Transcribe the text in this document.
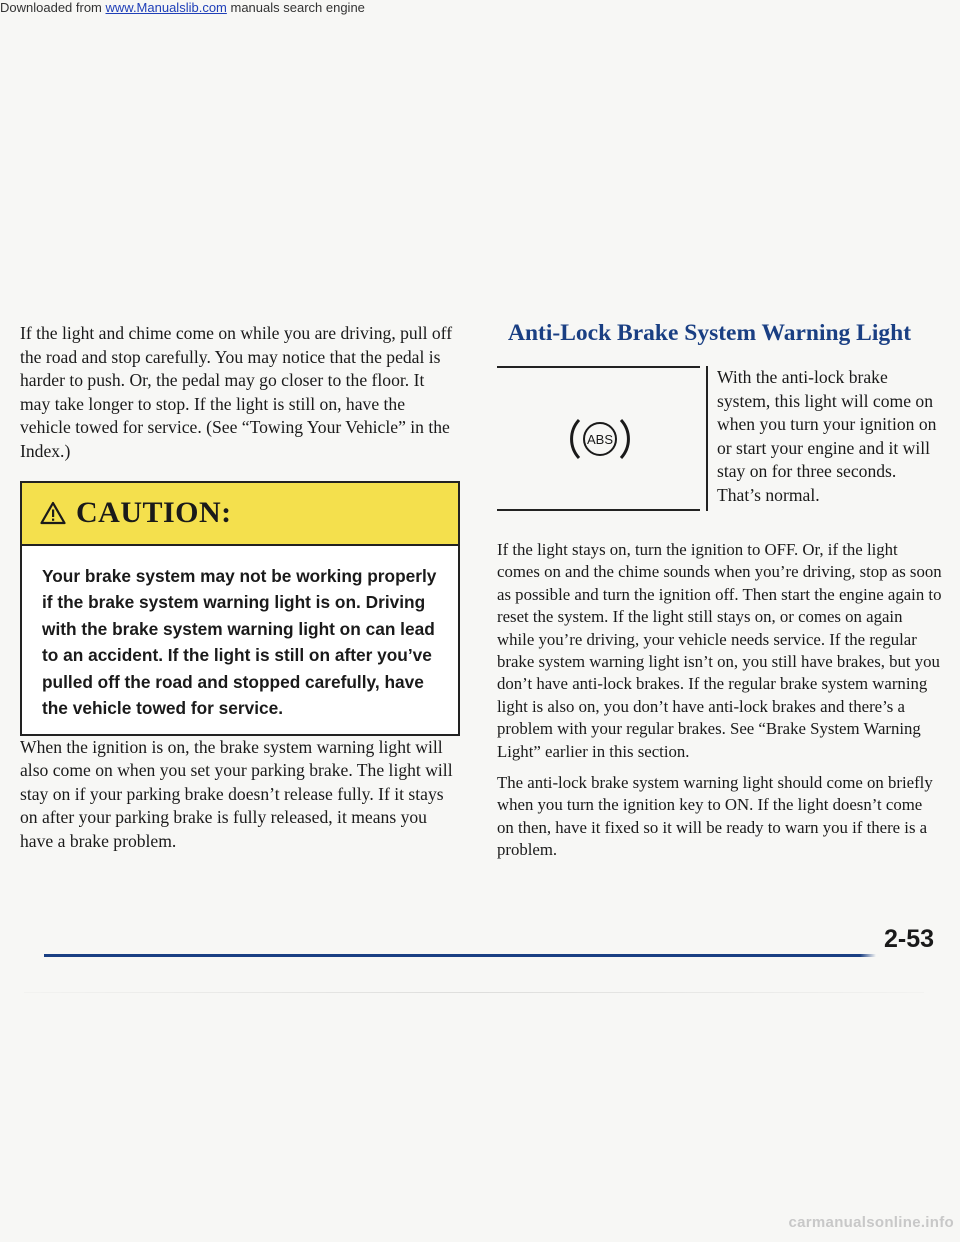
Downloaded from www.Manualslib.com manuals search engine

If the light and chime come on while you are driving, pull off the road and stop carefully. You may notice that the pedal is harder to push. Or, the pedal may go closer to the floor. It may take longer to stop. If the light is still on, have the vehicle towed for service. (See “Towing Your Vehicle” in the Index.)

CAUTION:
Your brake system may not be working properly if the brake system warning light is on. Driving with the brake system warning light on can lead to an accident. If the light is still on after you’ve pulled off the road and stopped carefully, have the vehicle towed for service.

When the ignition is on, the brake system warning light will also come on when you set your parking brake. The light will stay on if your parking brake doesn’t release fully. If it stays on after your parking brake is fully released, it means you have a brake problem.

Anti-Lock Brake System Warning Light
ABS

With the anti-lock brake system, this light will come on when you turn your ignition on or start your engine and it will stay on for three seconds. That’s normal.

If the light stays on, turn the ignition to OFF. Or, if the light comes on and the chime sounds when you’re driving, stop as soon as possible and turn the ignition off. Then start the engine again to reset the system. If the light still stays on, or comes on again while you’re driving, your vehicle needs service. If the regular brake system warning light isn’t on, you still have brakes, but you don’t have anti-lock brakes. If the regular brake system warning light is also on, you don’t have anti-lock brakes and there’s a problem with your regular brakes. See “Brake System Warning Light” earlier in this section.

The anti-lock brake system warning light should come on briefly when you turn the ignition key to ON. If the light doesn’t come on then, have it fixed so it will be ready to warn you if there is a problem.

2-53
carmanualsonline.info
